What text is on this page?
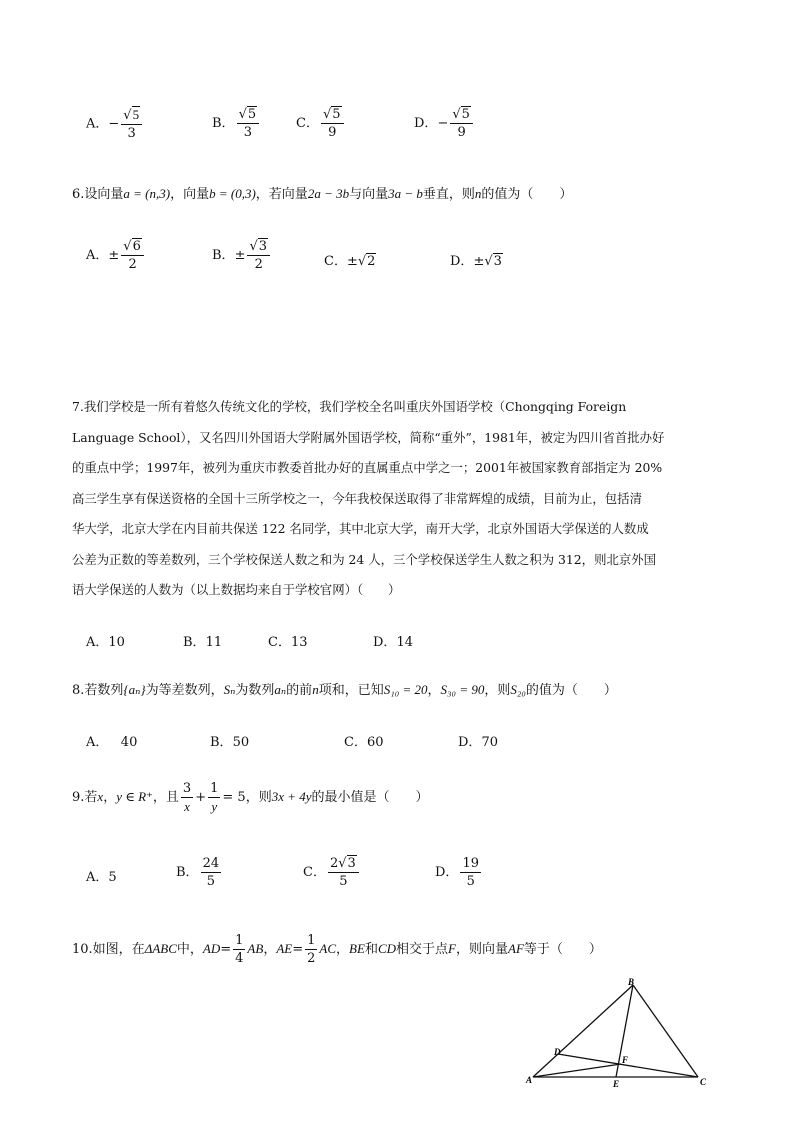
A．− $\frac{√5}{3}$	B． $\frac{√5}{3}$	C． $\frac{√5}{9}$	D．− $\frac{√5}{9}$
6.设向量a = (n,3)，向量b = (0,3)，若向量2a − 3b与向量3a − b垂直，则n的值为（　　）
A．± $\frac{√6}{2}$	B．± $\frac{√3}{2}$	C．±√2	D．±√3
7.我们学校是一所有着悠久传统文化的学校，我们学校全名叫重庆外国语学校（Chongqing Foreign
Language School），又名四川外国语大学附属外国语学校，简称“重外”，1981年，被定为四川省首批办好
的重点中学；1997年，被列为重庆市教委首批办好的直属重点中学之一；2001年被国家教育部指定为 20%
高三学生享有保送资格的全国十三所学校之一，今年我校保送取得了非常辉煌的成绩，目前为止，包括清
华大学，北京大学在内目前共保送 122 名同学，其中北京大学，南开大学，北京外国语大学保送的人数成
公差为正数的等差数列，三个学校保送人数之和为 24 人，三个学校保送学生人数之积为 312，则北京外国
语大学保送的人数为（以上数据均来自于学校官网）（　　）
A．10	B．11	C．13	D．14
8.若数列{aₙ}为等差数列，Sₙ为数列aₙ的前n项和，已知S₁₀ = 20，S₃₀ = 90，则S₂₀的值为（　　）
A． 40	B．50	C．60	D．70
9.若x，y ∈ R⁺，且 $\frac{3}{x} + \frac{1}{y} = 5$，则3x + 4y的最小值是（　　）
A．5	B． $\frac{24}{5}$	C． $\frac{2√3}{5}$	D． $\frac{19}{5}$
10.如图，在ΔABC中，$AD= \frac{1}{4}$ AB，$AE= \frac{1}{2}$ AC，BE和CD相交于点F，则向量AF等于（　　）
A
B
C
D
E
F
